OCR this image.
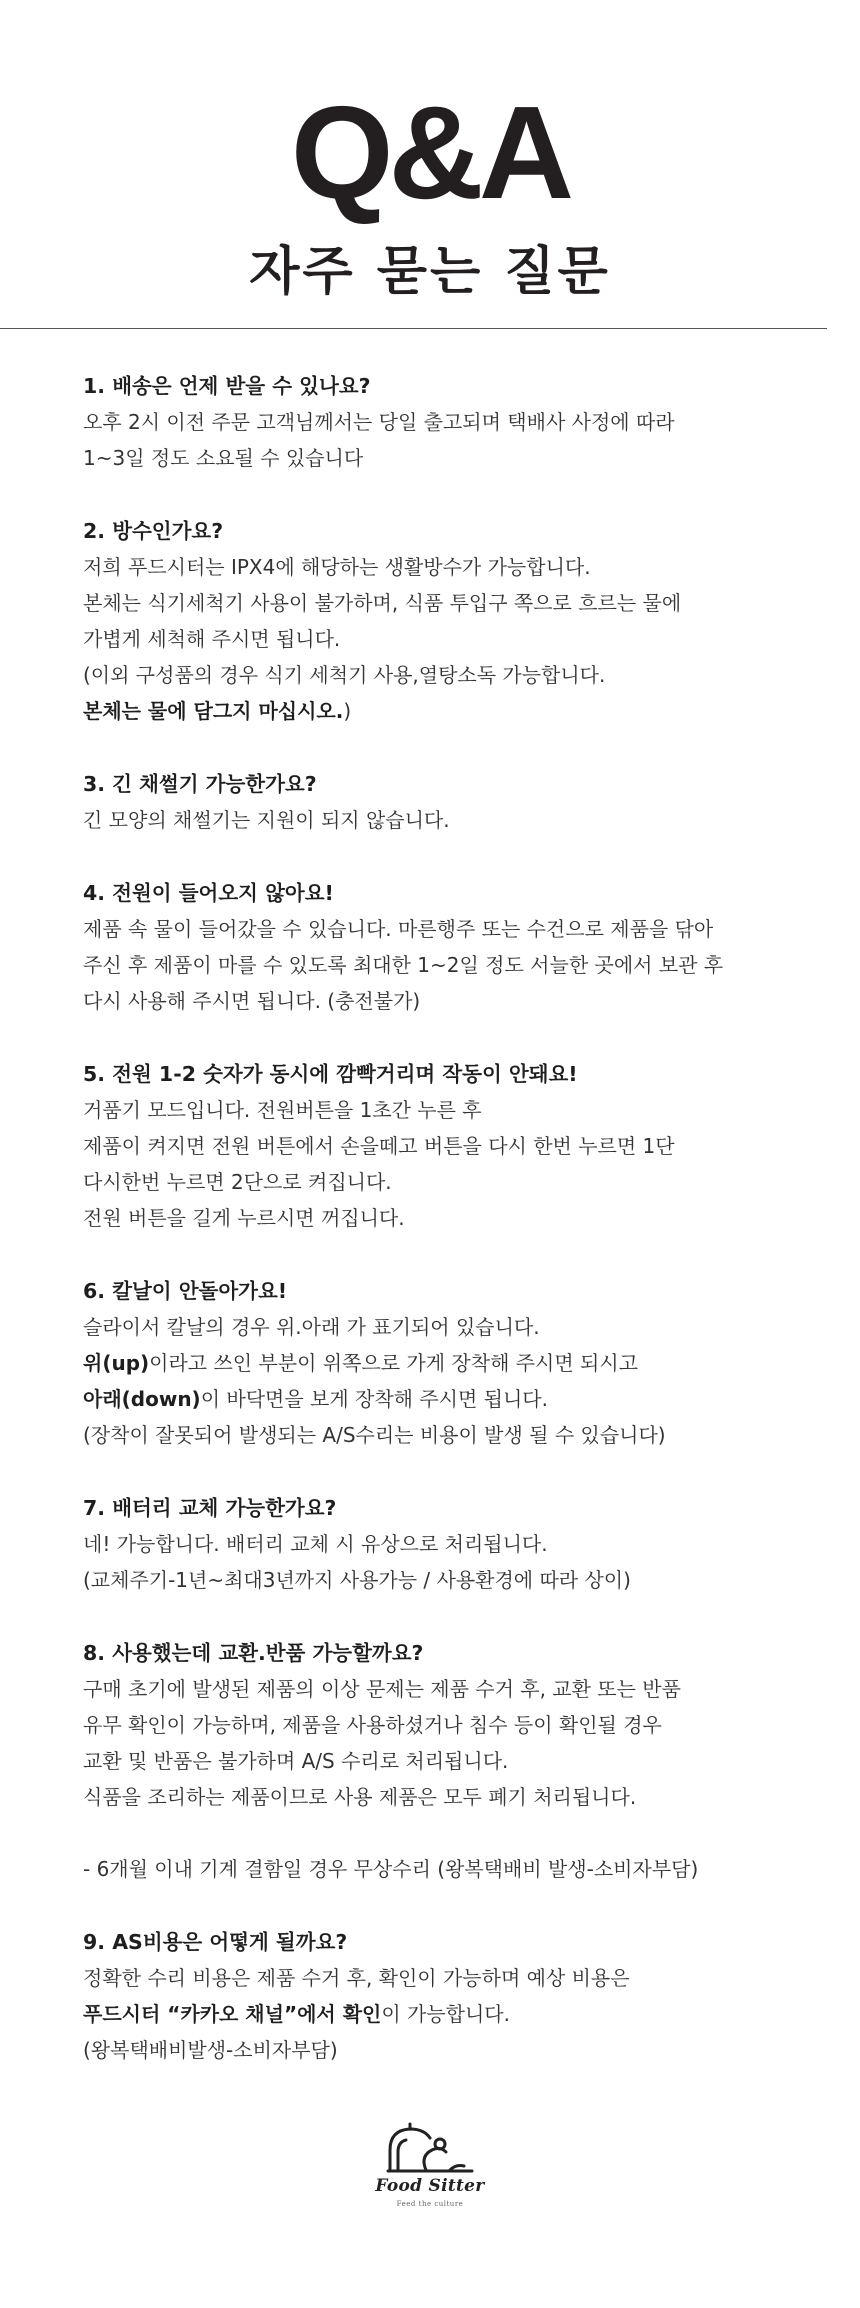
Q&A
자주 묻는 질문
1. 배송은 언제 받을 수 있나요?
오후 2시 이전 주문 고객님께서는 당일 출고되며 택배사 사정에 따라
1~3일 정도 소요될 수 있습니다
2. 방수인가요?
저희 푸드시터는 IPX4에 해당하는 생활방수가 가능합니다.
본체는 식기세척기 사용이 불가하며, 식품 투입구 쪽으로 흐르는 물에
가볍게 세척해 주시면 됩니다.
(이외 구성품의 경우 식기 세척기 사용,열탕소독 가능합니다.
본체는 물에 담그지 마십시오.)
3. 긴 채썰기 가능한가요?
긴 모양의 채썰기는 지원이 되지 않습니다.
4. 전원이 들어오지 않아요!
제품 속 물이 들어갔을 수 있습니다. 마른행주 또는 수건으로 제품을 닦아
주신 후 제품이 마를 수 있도록 최대한 1~2일 정도 서늘한 곳에서 보관 후
다시 사용해 주시면 됩니다. (충전불가)
5. 전원 1-2 숫자가 동시에 깜빡거리며 작동이 안돼요!
거품기 모드입니다. 전원버튼을 1초간 누른 후
제품이 켜지면 전원 버튼에서 손을떼고 버튼을 다시 한번 누르면 1단
다시한번 누르면 2단으로 켜집니다.
전원 버튼을 길게 누르시면 꺼집니다.
6. 칼날이 안돌아가요!
슬라이서 칼날의 경우 위.아래 가 표기되어 있습니다.
위(up)이라고 쓰인 부분이 위쪽으로 가게 장착해 주시면 되시고
아래(down)이 바닥면을 보게 장착해 주시면 됩니다.
(장착이 잘못되어 발생되는 A/S수리는 비용이 발생 될 수 있습니다)
7. 배터리 교체 가능한가요?
네! 가능합니다. 배터리 교체 시 유상으로 처리됩니다.
(교체주기-1년~최대3년까지 사용가능 / 사용환경에 따라 상이)
8. 사용했는데 교환.반품 가능할까요?
구매 초기에 발생된 제품의 이상 문제는 제품 수거 후, 교환 또는 반품
유무 확인이 가능하며, 제품을 사용하셨거나 침수 등이 확인될 경우
교환 및 반품은 불가하며 A/S 수리로 처리됩니다.
식품을 조리하는 제품이므로 사용 제품은 모두 폐기 처리됩니다.
- 6개월 이내 기계 결함일 경우 무상수리 (왕복택배비 발생-소비자부담)
9. AS비용은 어떻게 될까요?
정확한 수리 비용은 제품 수거 후, 확인이 가능하며 예상 비용은
푸드시터 “카카오 채널”에서 확인이 가능합니다.
(왕복택배비발생-소비자부담)
Food Sitter
Feed the culture
